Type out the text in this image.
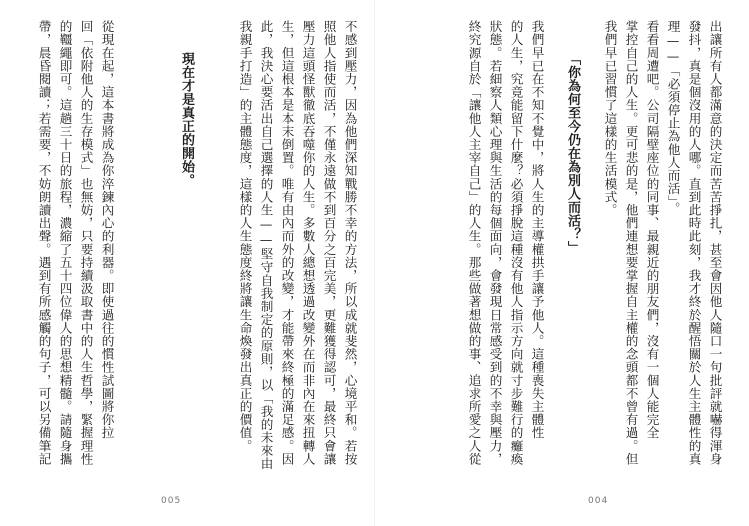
不感到壓力，因為他們深知戰勝不幸的方法，所以成就斐然，心境平和。若按
照他人指使而活，不僅永遠做不到百分之百完美，更難獲得認可，最終只會讓
壓力這頭怪獸徹底吞噬你的人生。多數人總想透過改變外在而非內在來扭轉人
生，但這根本是本末倒置。唯有由內而外的改變，才能帶來終極的滿足感。因
此，我決心要活出自己選擇的人生——堅守自我制定的原則，以「我的未來由
我親手打造」的主體態度，這樣的人生態度終將讓生命煥發出真正的價值。
現在才是真正的開始。
從現在起，這本書將成為你淬鍊內心的利器。即使過往的慣性試圖將你拉
回「依附他人的生存模式」也無妨，只要持續汲取書中的人生哲學，緊握理性
的韁繩即可。這趟三十日的旅程，濃縮了五十四位偉人的思想精髓。請隨身攜
帶，晨昏閱讀；若需要，不妨朗讀出聲。遇到有所感觸的句子，可以另備筆記
005
出讓所有人都滿意的決定而苦苦掙扎，甚至會因他人隨口一句批評就嚇得渾身
發抖，真是個沒用的人哪。直到此時此刻，我才終於醒悟關於人生主體性的真
理——「必須停止為他人而活」。
看看周遭吧。公司隔壁座位的同事、最親近的朋友們，沒有一個人能完全
掌控自己的人生。更可悲的是，他們連想要掌握自主權的念頭都不曾有過。但
我們早已習慣了這樣的生活模式。
「你為何至今仍在為別人而活？」
我們早已在不知不覺中，將人生的主導權拱手讓予他人。這種喪失主體性
的人生，究竟能留下什麼？必須掙脫這種沒有他人指示方向就寸步難行的癱瘓
狀態。若細察人類心理與生活的每個面向，會發現日常感受到的不幸與壓力，
終究源自於「讓他人主宰自己」的人生。那些做著想做的事、追求所愛之人從
004
